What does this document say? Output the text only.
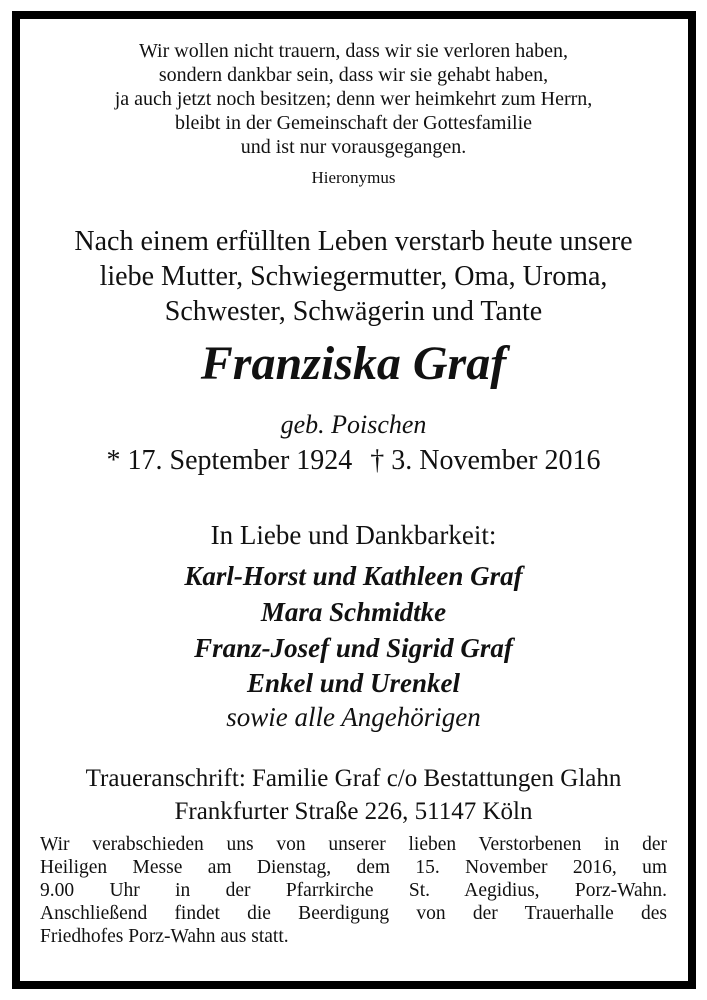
Wir wollen nicht trauern, dass wir sie verloren haben,
sondern dankbar sein, dass wir sie gehabt haben,
ja auch jetzt noch besitzen; denn wer heimkehrt zum Herrn,
bleibt in der Gemeinschaft der Gottesfamilie
und ist nur vorausgegangen.
Hieronymus
Nach einem erfüllten Leben verstarb heute unsere
liebe Mutter, Schwiegermutter, Oma, Uroma,
Schwester, Schwägerin und Tante
Franziska Graf
geb. Poischen
* 17. September 1924 † 3. November 2016
In Liebe und Dankbarkeit:
Karl-Horst und Kathleen Graf
Mara Schmidtke
Franz-Josef und Sigrid Graf
Enkel und Urenkel
sowie alle Angehörigen
Traueranschrift: Familie Graf c/o Bestattungen Glahn
Frankfurter Straße 226, 51147 Köln
Wir verabschieden uns von unserer lieben Verstorbenen in der
Heiligen Messe am Dienstag, dem 15. November 2016, um
9.00 Uhr in der Pfarrkirche St. Aegidius, Porz-Wahn.
Anschließend findet die Beerdigung von der Trauerhalle des
Friedhofes Porz-Wahn aus statt.
